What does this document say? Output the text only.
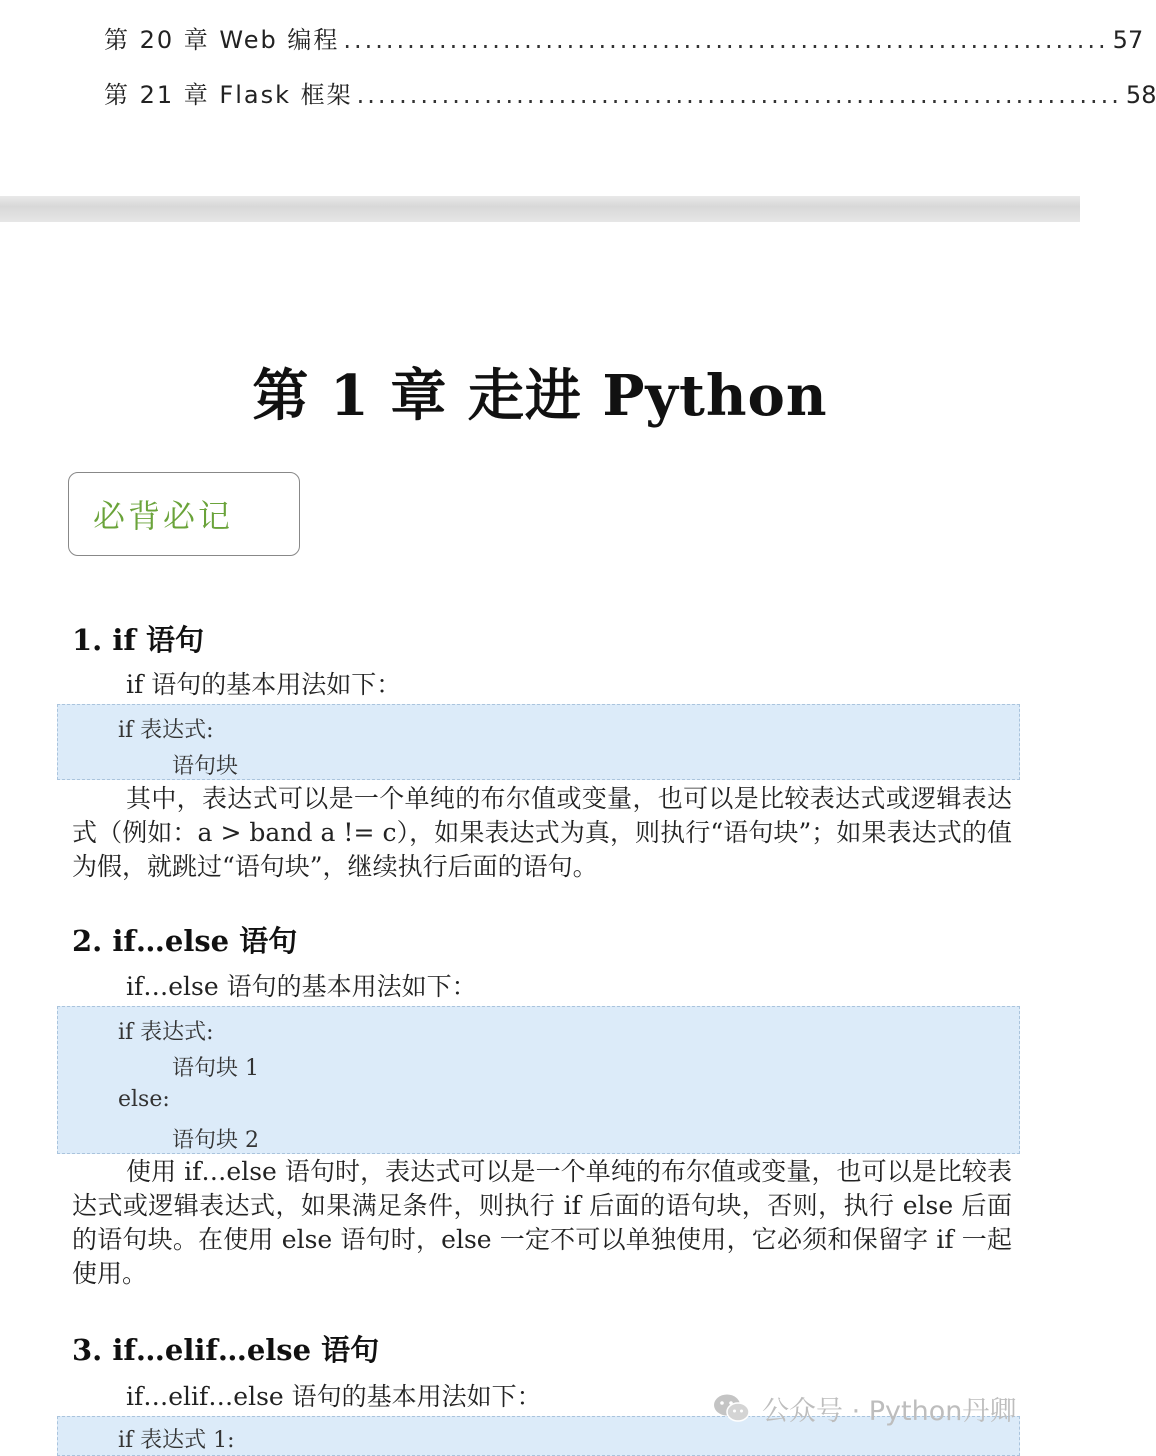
第 20 章 Web 编程 ........................................................................ 57
第 21 章 Flask 框架 ........................................................................ 58
第 1 章 走进 Python
必背必记
1. if 语句
if 语句的基本用法如下：
if 表达式:
语句块
其中，表达式可以是一个单纯的布尔值或变量，也可以是比较表达式或逻辑表达式（例如：a > band a != c），如果表达式为真，则执行“语句块”；如果表达式的值为假，就跳过“语句块”，继续执行后面的语句。
2. if…else 语句
if…else 语句的基本用法如下：
if 表达式:
语句块 1
else:
语句块 2
使用 if…else 语句时，表达式可以是一个单纯的布尔值或变量，也可以是比较表达式或逻辑表达式，如果满足条件，则执行 if 后面的语句块，否则，执行 else 后面的语句块。在使用 else 语句时，else 一定不可以单独使用，它必须和保留字 if 一起使用。
3. if…elif…else 语句
if…elif…else 语句的基本用法如下：
if 表达式 1:
公众号 · Python丹卿
